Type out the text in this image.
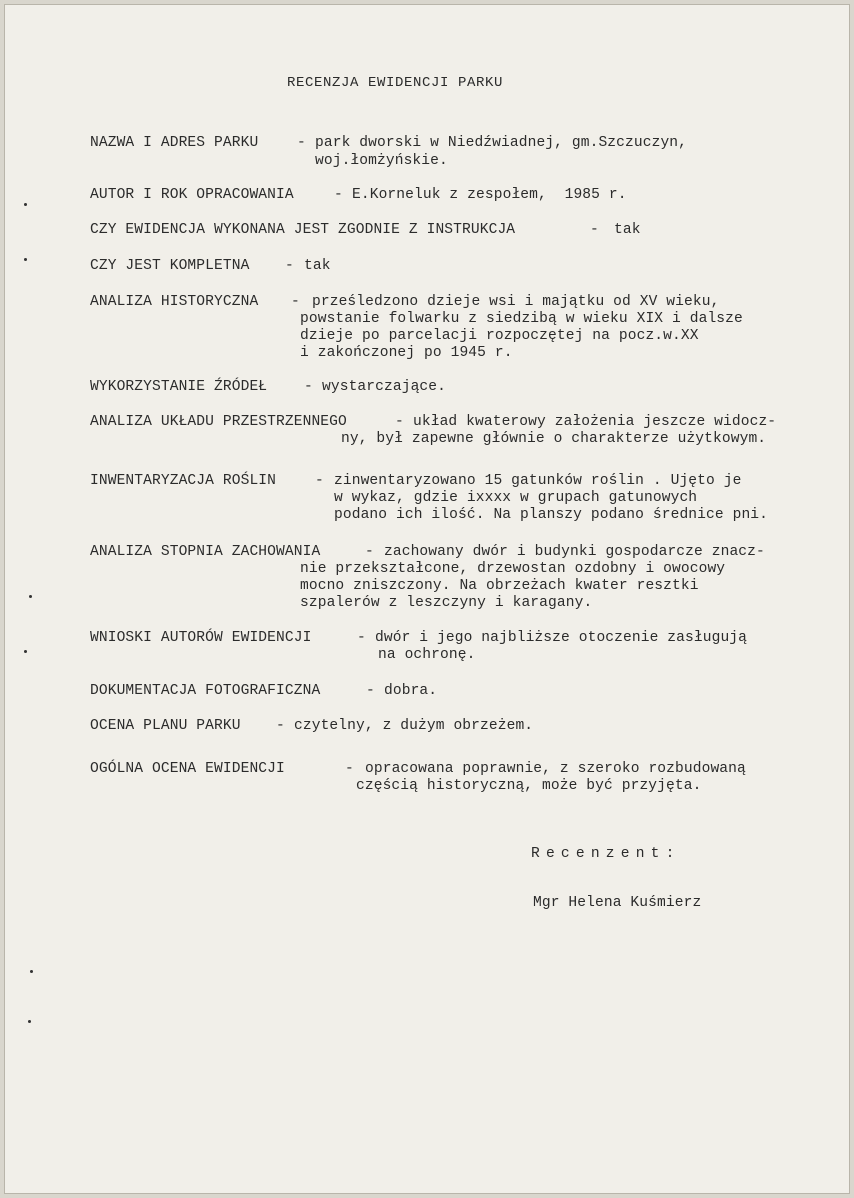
RECENZJA EWIDENCJI PARKU
NAZWA I ADRES PARKU	- park dworski w Niedźwiadnej, gm.Szczuczyn,
woj.łomżyńskie.
AUTOR I ROK OPRACOWANIA	- E.Korneluk z zespołem,  1985 r.
CZY EWIDENCJA WYKONANA JEST ZGODNIE Z INSTRUKCJA	- tak
CZY JEST KOMPLETNA - tak
ANALIZA HISTORYCZNA - prześledzono dzieje wsi i majątku od XV wieku,
powstanie folwarku z siedzibą w wieku XIX i dalsze
dzieje po parcelacji rozpoczętej na pocz.w.XX
i zakończonej po 1945 r.
WYKORZYSTANIE ŹRÓDEŁ	- wystarczające.
ANALIZA UKŁADU PRZESTRZENNEGO	- układ kwaterowy założenia jeszcze widocz-
ny, był zapewne głównie o charakterze użytkowym.
INWENTARYZACJA ROŚLIN	- zinwentaryzowano 15 gatunków roślin . Ujęto je
w wykaz, gdzie ixxxx w grupach gatunowych
podano ich ilość. Na planszy podano średnice pni.
ANALIZA STOPNIA ZACHOWANIA	- zachowany dwór i budynki gospodarcze znacz-
nie przekształcone, drzewostan ozdobny i owocowy
mocno zniszczony. Na obrzeżach kwater resztki
szpalerów z leszczyny i karagany.
WNIOSKI AUTORÓW EWIDENCJI	- dwór i jego najbliższe otoczenie zasługują
na ochronę.
DOKUMENTACJA FOTOGRAFICZNA	- dobra.
OCENA PLANU PARKU - czytelny, z dużym obrzeżem.
OGÓLNA OCENA EWIDENCJI	- opracowana poprawnie, z szeroko rozbudowaną
częścią historyczną, może być przyjęta.
Recenzent:
Mgr Helena Kuśmierz
